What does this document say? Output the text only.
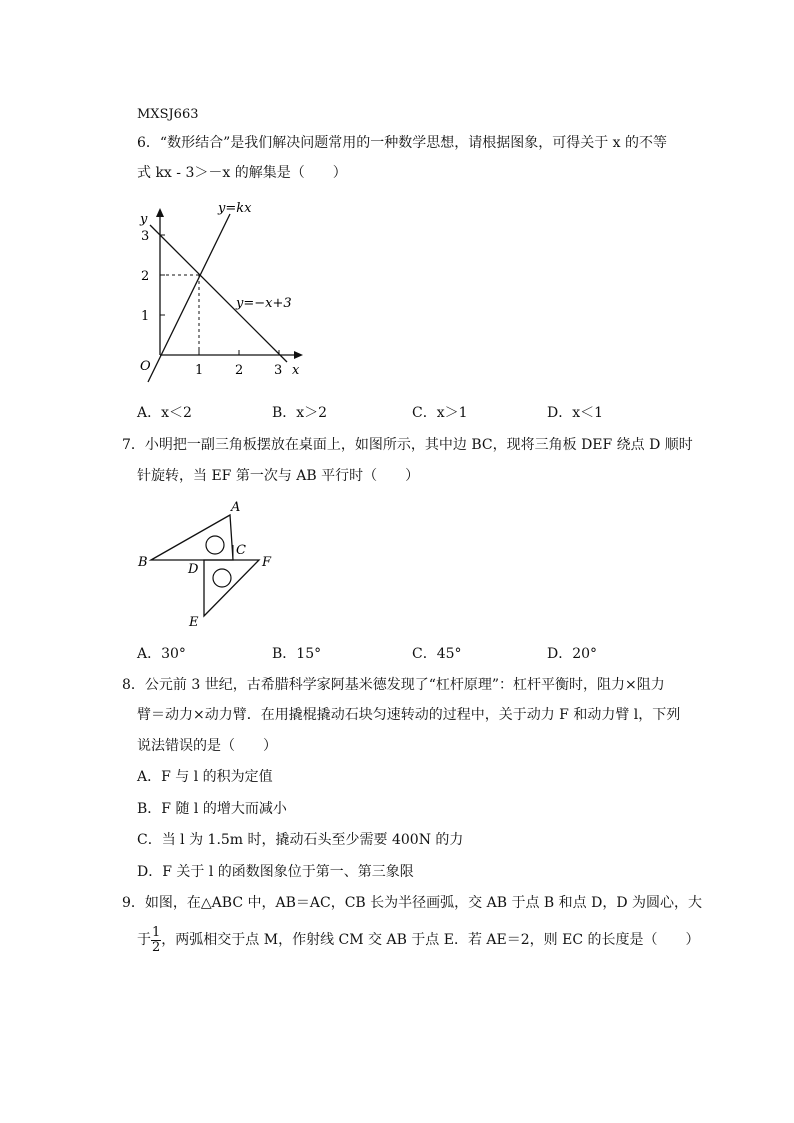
MXSJ663
6．“数形结合”是我们解决问题常用的一种数学思想，请根据图象，可得关于 x 的不等
式 kx - 3＞－x 的解集是（　　）
y
x
O
3
2
1
1 2 3
y=kx
y=−x+3
A．x＜2	B．x＞2	C．x＞1	D．x＜1
7．小明把一副三角板摆放在桌面上，如图所示，其中边 BC，现将三角板 DEF 绕点 D 顺时
针旋转，当 EF 第一次与 AB 平行时（　　）
A
B
C
D
E
F
A．30°	B．15°	C．45°	D．20°
8．公元前 3 世纪，古希腊科学家阿基米德发现了“杠杆原理”：杠杆平衡时，阻力×阻力
臂＝动力×动力臂．在用撬棍撬动石块匀速转动的过程中，关于动力 F 和动力臂 l，下列
说法错误的是（　　）
A．F 与 l 的积为定值
B．F 随 l 的增大而减小
C．当 l 为 1.5m 时，撬动石头至少需要 400N 的力
D．F 关于 l 的函数图象位于第一、第三象限
9．如图，在△ABC 中，AB＝AC，CB 长为半径画弧，交 AB 于点 B 和点 D，D 为圆心，大
于 $\frac{1}{2}$ ，两弧相交于点 M，作射线 CM 交 AB 于点 E．若 AE＝2，则 EC 的长度是（　　）
